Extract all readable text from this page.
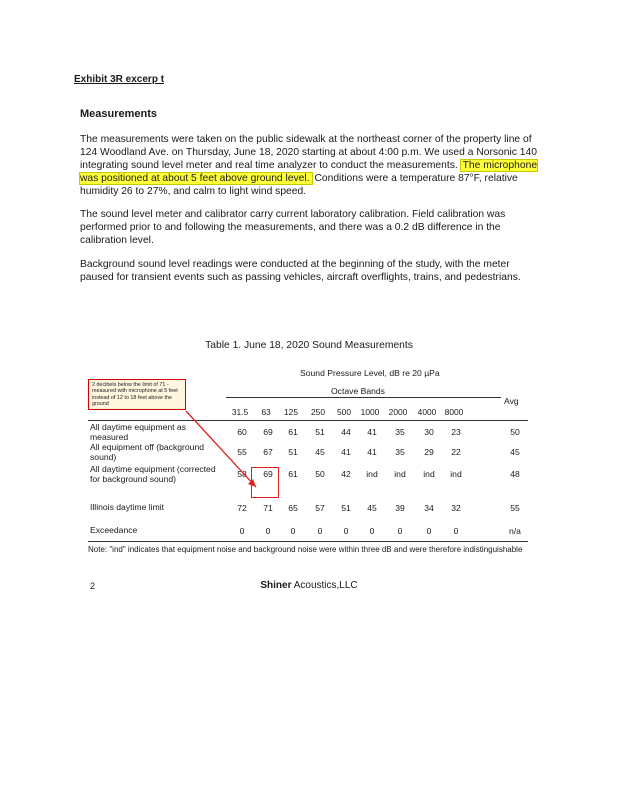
Exhibit 3R excerp t
Measurements

The measurements were taken on the public sidewalk at the northeast corner of the property line of 124 Woodland Ave. on Thursday, June 18, 2020 starting at about 4:00 p.m. We used a Norsonic 140 integrating sound level meter and real time analyzer to conduct the measurements. The microphone was positioned at about 5 feet above ground level. Conditions were a temperature 87°F, relative humidity 26 to 27%, and calm to light wind speed.

The sound level meter and calibrator carry current laboratory calibration. Field calibration was performed prior to and following the measurements, and there was a 0.2 dB difference in the calibration level.

Background sound level readings were conducted at the beginning of the study, with the meter paused for transient events such as passing vehicles, aircraft overflights, trains, and pedestrians.

Table 1. June 18, 2020 Sound Measurements
Sound Pressure Level, dB re 20 µPa
Octave Bands
Avg
31.5	63	125	250	500	1000	2000	4000 8000
All daytime equipment as measured	60	69	61	51	44	41	35	30	23	50
All equipment off (background sound)	55	67	51	45	41	41	35	29	22	45
All daytime equipment (corrected for background sound)	58	69	61	50	42	ind	ind	ind	ind	48
Illinois daytime limit	72	71	65	57	51	45	39	34	32	55
Exceedance	0	0	0	0	0	0	0	0	0	n/a
Note: "ind" indicates that equipment noise and background noise were within three dB and were therefore indistinguishable
2 decibels below the limit of 71 - measured with microphone at 5 feet instead of 12 to 18 feet above the ground
2	Shiner Acoustics,LLC
